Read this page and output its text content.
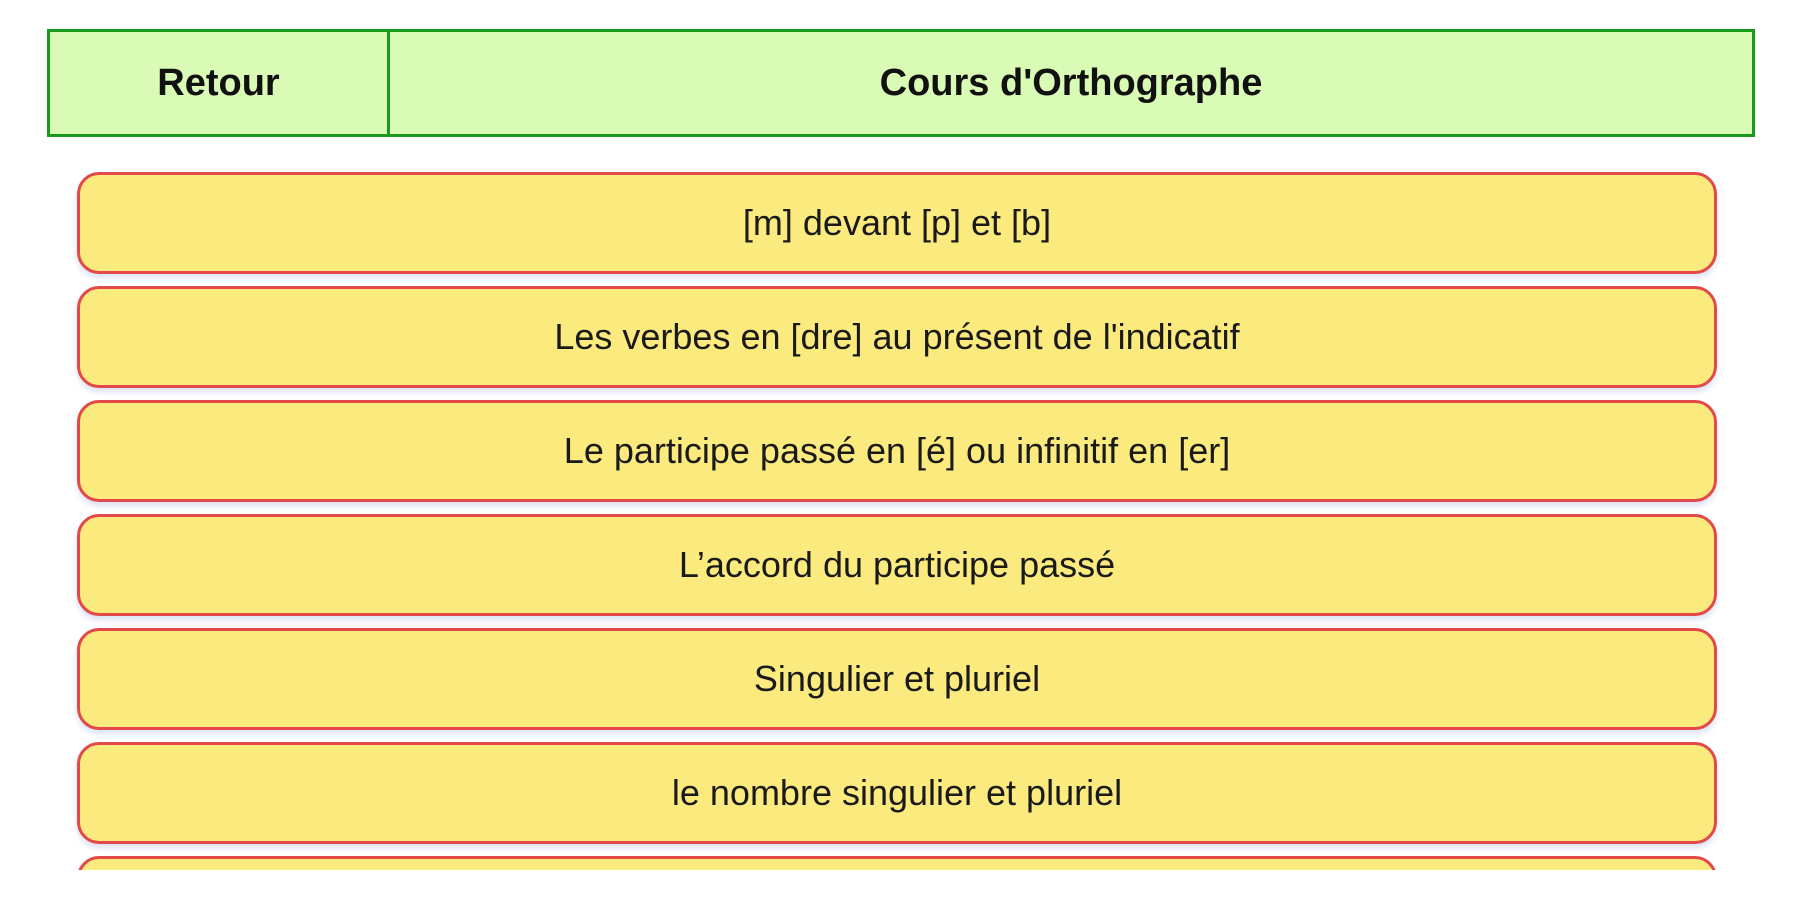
Retour	Cours d'Orthographe
[m] devant [p] et [b]
Les verbes en [dre] au présent de l'indicatif
Le participe passé en [é] ou infinitif en [er]
L’accord du participe passé
Singulier et pluriel
le nombre singulier et pluriel
